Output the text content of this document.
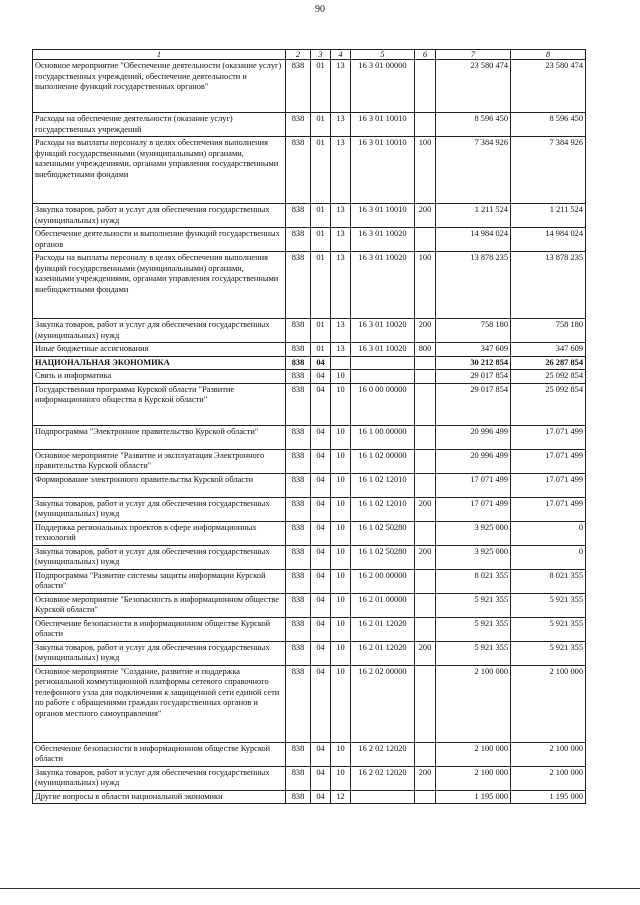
90
1	2	3	4	5	6	7	8
Основное мероприятие "Обеспечение деятельности (оказание услуг) государственных учреждений, обеспечение деятельности и выполнение функций государственных органов"	838	01	13	16 3 01 00000		23 580 474	23 580 474
Расходы на обеспечение деятельности (оказание услуг) государственных учреждений	838	01	13	16 3 01 10010		8 596 450	8 596 450
Расходы на выплаты персоналу в целях обеспечения выполнения функций государственными (муниципальными) органами, казенными учреждениями, органами управления государственными внебюджетными фондами	838	01	13	16 3 01 10010	100	7 384 926	7 384 926
Закупка товаров, работ и услуг для обеспечения государственных (муниципальных) нужд	838	01	13	16 3 01 10010	200	1 211 524	1 211 524
Обеспечение деятельности и выполнение функций государственных органов	838	01	13	16 3 01 10020		14 984 024	14 984 024
Расходы на выплаты персоналу в целях обеспечения выполнения функций государственными (муниципальными) органами, казенными учреждениями, органами управления государственными внебюджетными фондами	838	01	13	16 3 01 10020	100	13 878 235	13 878 235
Закупка товаров, работ и услуг для обеспечения государственных (муниципальных) нужд	838	01	13	16 3 01 10020	200	758 180	758 180
Иные бюджетные ассигнования	838	01	13	16 3 01 10020	800	347 609	347 609
НАЦИОНАЛЬНАЯ ЭКОНОМИКА	838	04				30 212 854	26 287 854
Связь и информатика	838	04	10			29 017 854	25 092 854
Государственная программа Курской области "Развитие информационного общества в Курской области"	838	04	10	16 0 00 00000		29 017 854	25 092 854
Подпрограмма "Электронное правительство Курской области"	838	04	10	16 1 00 00000		20 996 499	17 071 499
Основное мероприятие "Развитие и эксплуатация Электронного правительства Курской области"	838	04	10	16 1 02 00000		20 996 499	17 071 499
Формирование электронного правительства Курской области	838	04	10	16 1 02 12010		17 071 499	17 071 499
Закупка товаров, работ и услуг для обеспечения государственных (муниципальных) нужд	838	04	10	16 1 02 12010	200	17 071 499	17 071 499
Поддержка региональных проектов в сфере информационных технологий	838	04	10	16 1 02 50280		3 925 000	0
Закупка товаров, работ и услуг для обеспечения государственных (муниципальных) нужд	838	04	10	16 1 02 50280	200	3 925 000	0
Подпрограмма "Развитие системы защиты информации Курской области"	838	04	10	16 2 00 00000		8 021 355	8 021 355
Основное мероприятие "Безопасность в информационном обществе Курской области"	838	04	10	16 2 01 00000		5 921 355	5 921 355
Обеспечение безопасности в информационном обществе Курской области	838	04	10	16 2 01 12020		5 921 355	5 921 355
Закупка товаров, работ и услуг для обеспечения государственных (муниципальных) нужд	838	04	10	16 2 01 12020	200	5 921 355	5 921 355
Основное мероприятие "Создание, развитие и поддержка региональной коммутационной платформы сетевого справочного телефонного узла для подключения к защищенной сети единой сети по работе с обращениями граждан государственных органов и органов местного самоуправления"	838	04	10	16 2 02 00000		2 100 000	2 100 000
Обеспечение безопасности в информационном обществе Курской области	838	04	10	16 2 02 12020		2 100 000	2 100 000
Закупка товаров, работ и услуг для обеспечения государственных (муниципальных) нужд	838	04	10	16 2 02 12020	200	2 100 000	2 100 000
Другие вопросы в области национальной экономики	838	04	12			1 195 000	1 195 000
